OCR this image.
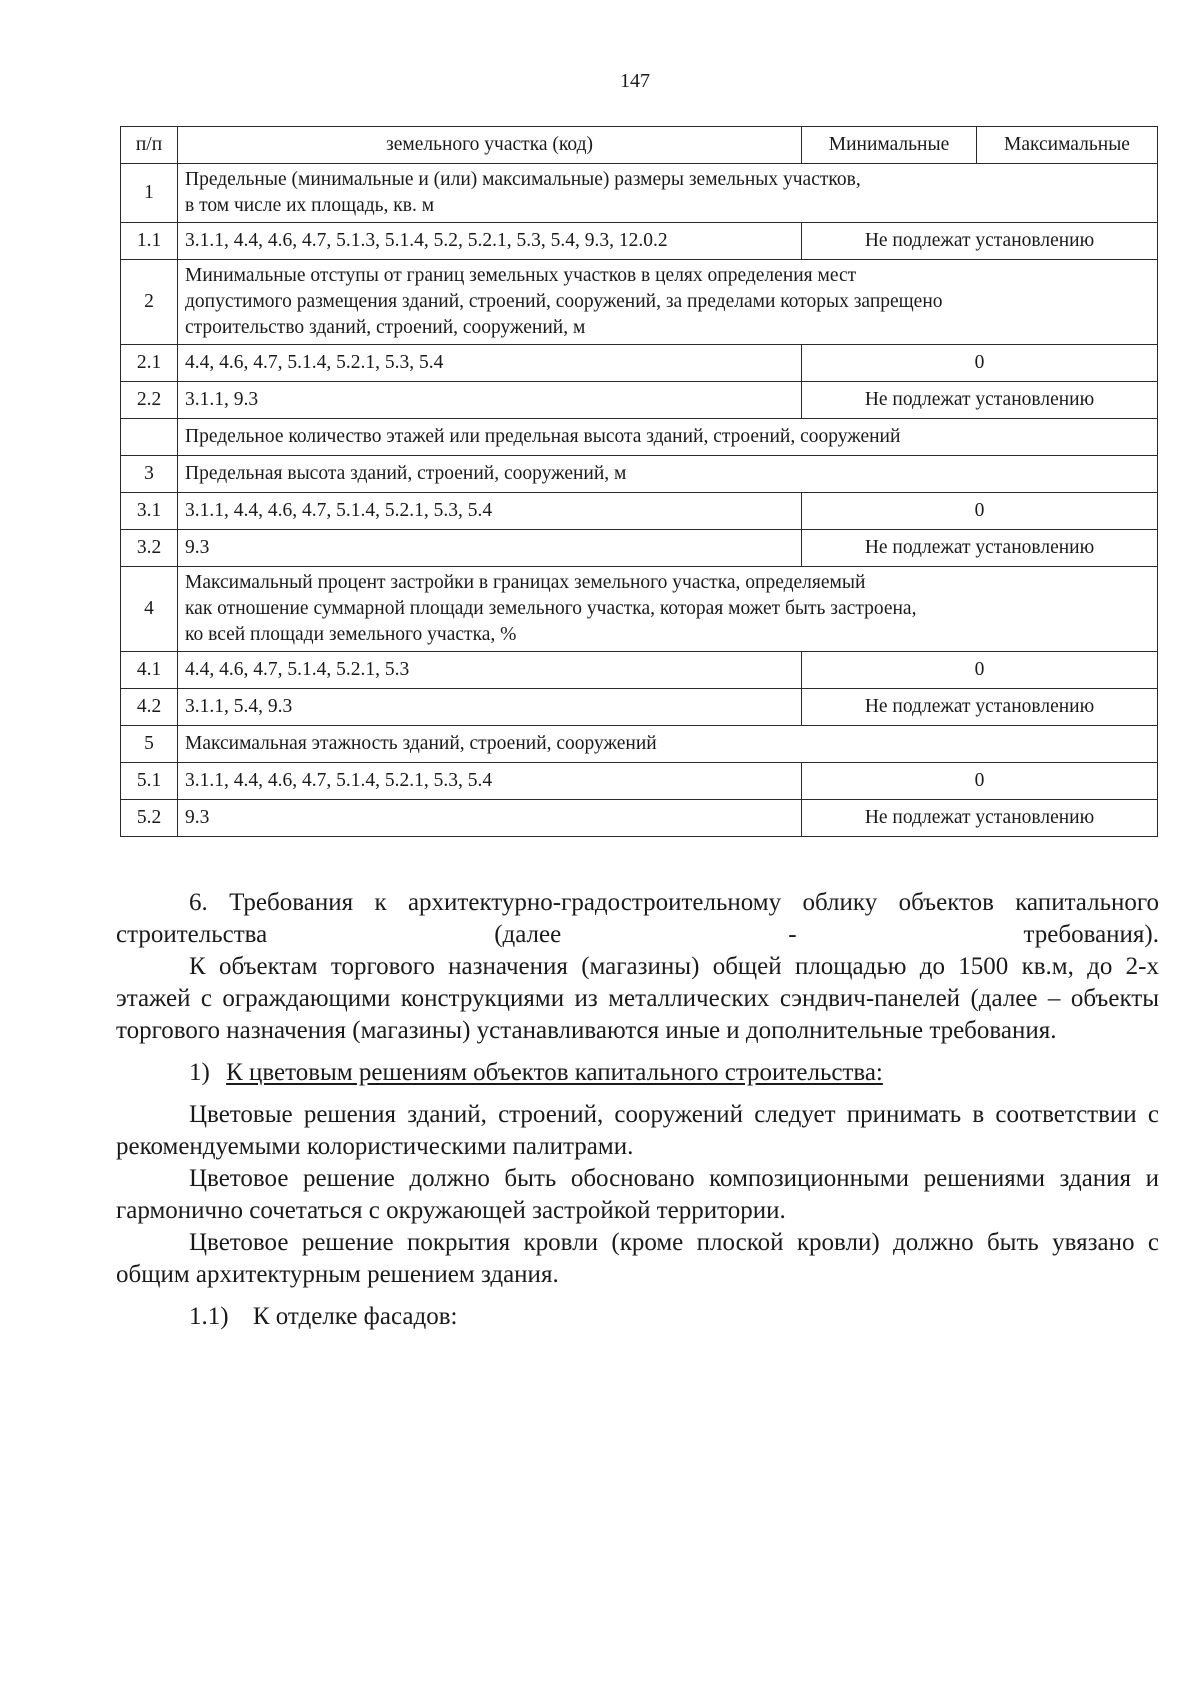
147
п/п	земельного участка (код)	Минимальные	Максимальные
1	Предельные (минимальные и (или) максимальные) размеры земельных участков,
в том числе их площадь, кв. м		

1.1	3.1.1, 4.4, 4.6, 4.7, 5.1.3, 5.1.4, 5.2, 5.2.1, 5.3, 5.4, 9.3, 12.0.2	Не подлежат установлению	
2	Минимальные отступы от границ земельных участков в целях определения мест
допустимого размещения зданий, строений, сооружений, за пределами которых запрещено
строительство зданий, строений, сооружений, м		

2.1	4.4, 4.6, 4.7, 5.1.4, 5.2.1, 5.3, 5.4	0	
2.2	3.1.1, 9.3	Не подлежат установлению	

	Предельное количество этажей или предельная высота зданий, строений, сооружений		

3	Предельная высота зданий, строений, сооружений, м		

3.1	3.1.1, 4.4, 4.6, 4.7, 5.1.4, 5.2.1, 5.3, 5.4	0	
3.2	9.3	Не подлежат установлению	
4	Максимальный процент застройки в границах земельного участка, определяемый
как отношение суммарной площади земельного участка, которая может быть застроена,
ко всей площади земельного участка, %		

4.1	4.4, 4.6, 4.7, 5.1.4, 5.2.1, 5.3	0	
4.2	3.1.1, 5.4, 9.3	Не подлежат установлению	
5	Максимальная этажность зданий, строений, сооружений		

5.1	3.1.1, 4.4, 4.6, 4.7, 5.1.4, 5.2.1, 5.3, 5.4	0	
5.2	9.3	Не подлежат установлению	

6. Требования к архитектурно-градостроительному облику объектов капитального строительства (далее - требования).

К объектам торгового назначения (магазины) общей площадью до 1500 кв.м, до 2-х этажей с ограждающими конструкциями из металлических сэндвич-панелей (далее – объекты торгового назначения (магазины) устанавливаются иные и дополнительные требования.

1) К цветовым решениям объектов капитального строительства:

Цветовые решения зданий, строений, сооружений следует принимать в соответствии с рекомендуемыми колористическими палитрами.

Цветовое решение должно быть обосновано композиционными решениями здания и гармонично сочетаться с окружающей застройкой территории.

Цветовое решение покрытия кровли (кроме плоской кровли) должно быть увязано с общим архитектурным решением здания.

1.1) К отделке фасадов:
